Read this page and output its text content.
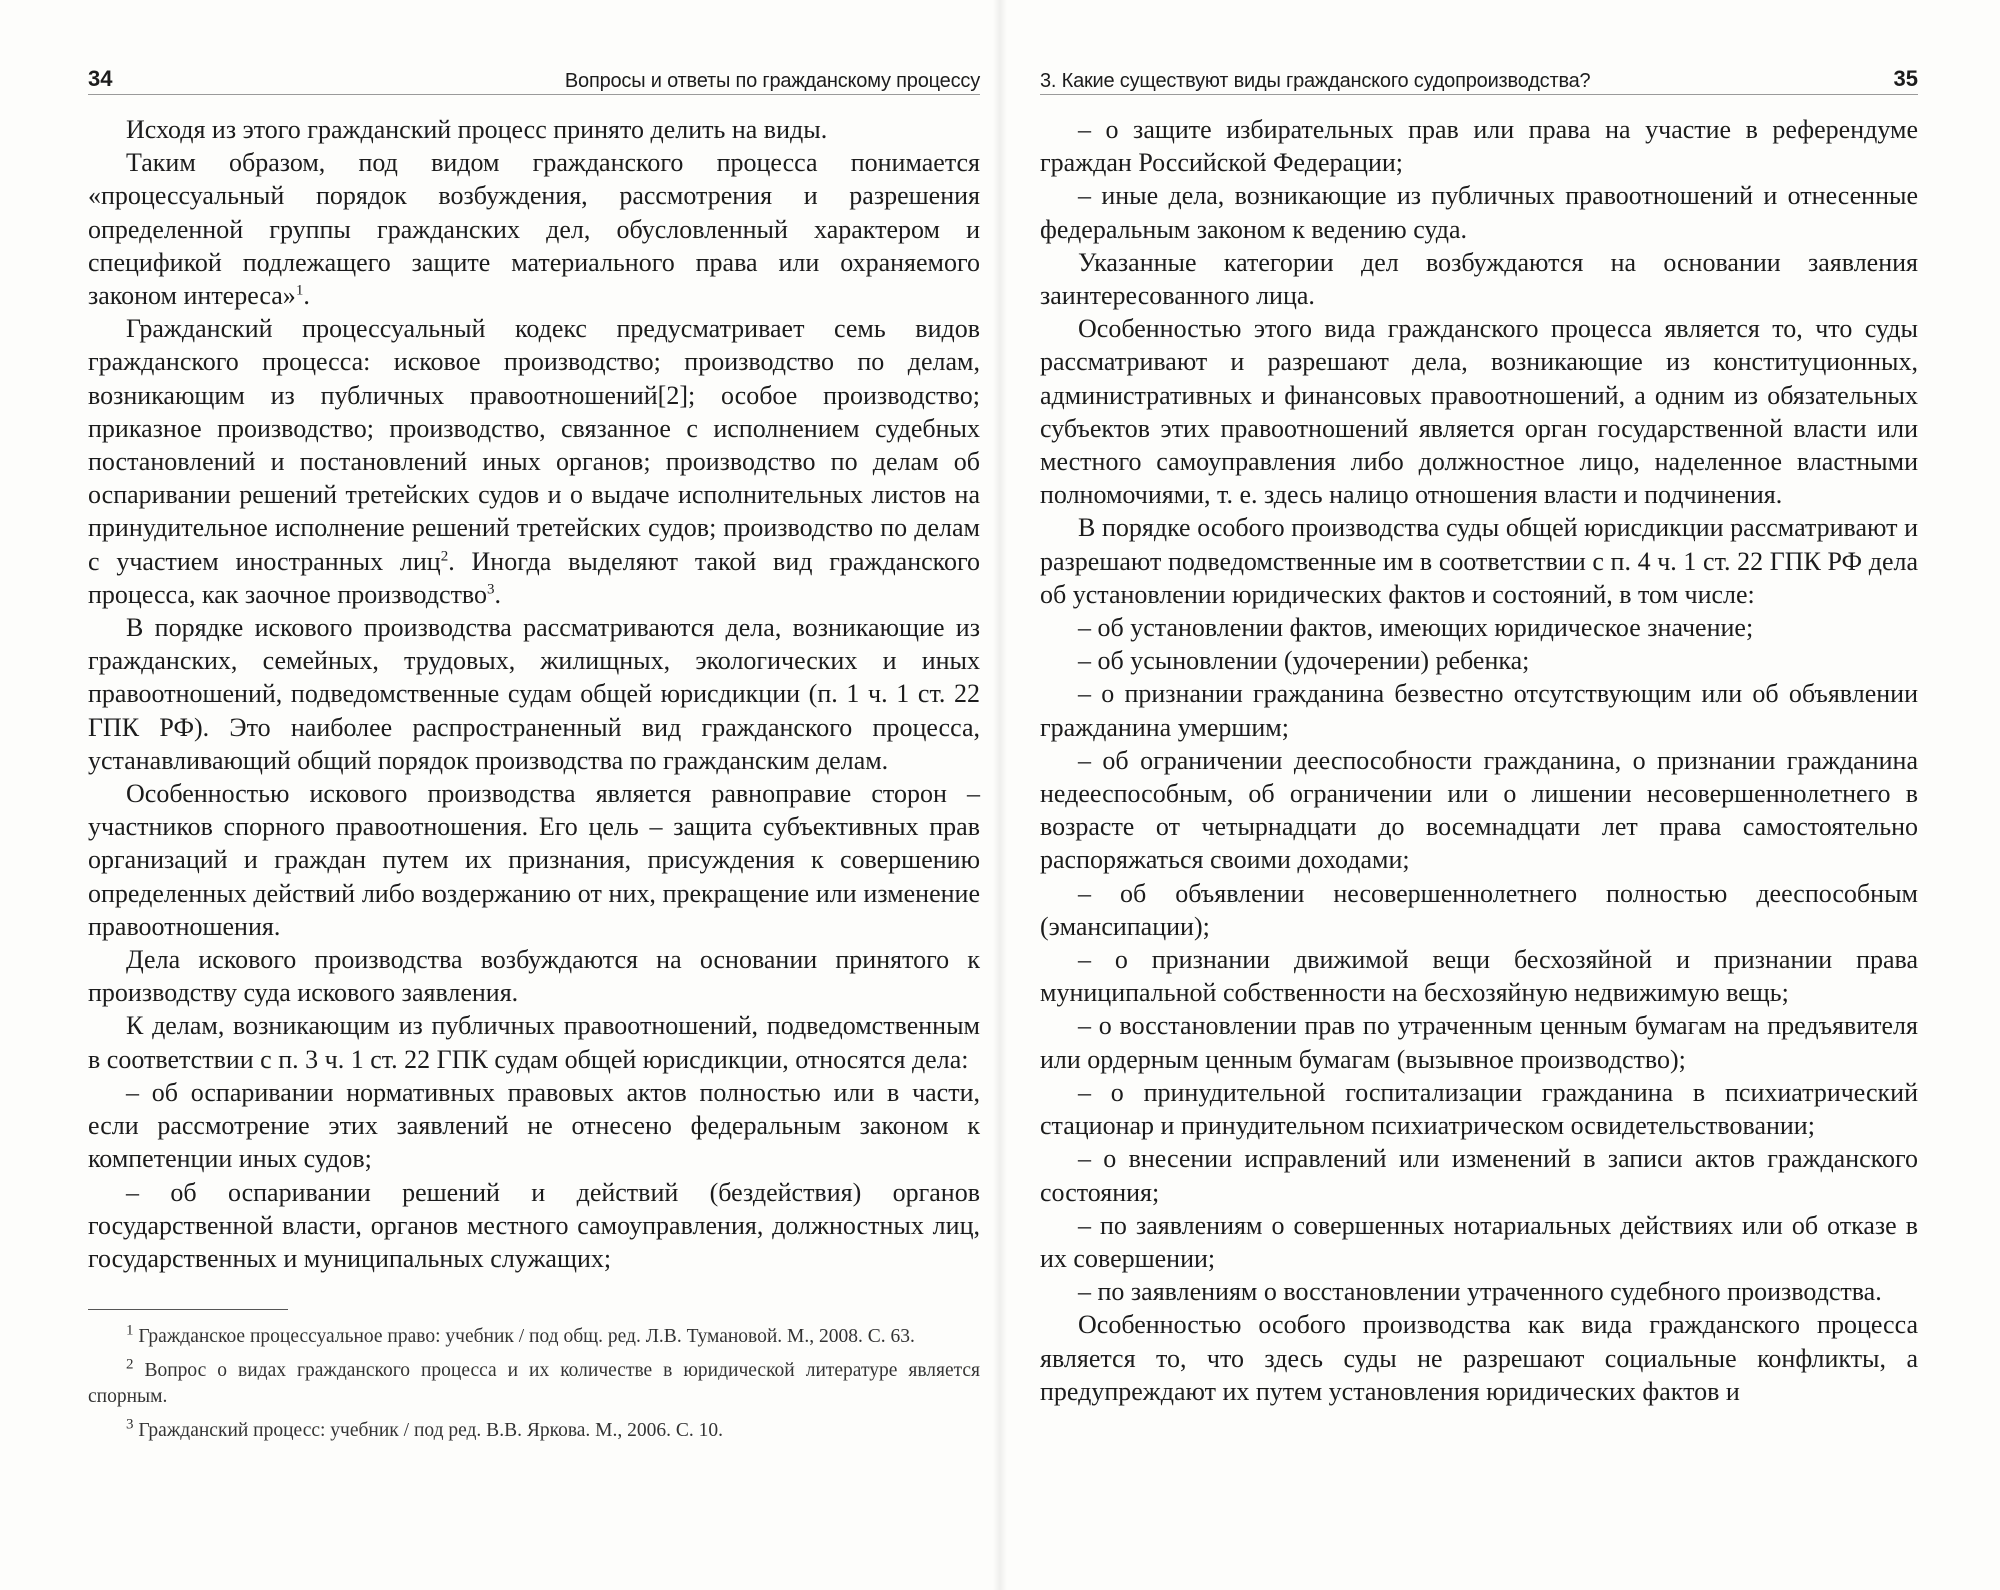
34	Вопросы и ответы по гражданскому процессу

Исходя из этого гражданский процесс принято делить на виды.

Таким образом, под видом гражданского процесса понимается «процессуальный порядок возбуждения, рассмотрения и разрешения определенной группы гражданских дел, обусловленный характером и спецификой подлежащего защите материального права или охраняемого законом интереса»$^1$.

Гражданский процессуальный кодекс предусматривает семь видов гражданского процесса: исковое производство; производство по делам, возникающим из публичных правоотношений[2]; особое производство; приказное производство; производство, связанное с исполнением судебных постановлений и постановлений иных органов; производство по делам об оспаривании решений третейских судов и о выдаче исполнительных листов на принудительное исполнение решений третейских судов; производство по делам с участием иностранных лиц$^2$. Иногда выделяют такой вид гражданского процесса, как заочное производство$^3$.

В порядке искового производства рассматриваются дела, возникающие из гражданских, семейных, трудовых, жилищных, экологических и иных правоотношений, подведомственные судам общей юрисдикции (п. 1 ч. 1 ст. 22 ГПК РФ). Это наиболее распространенный вид гражданского процесса, устанавливающий общий порядок производства по гражданским делам.

Особенностью искового производства является равноправие сторон – участников спорного правоотношения. Его цель – защита субъективных прав организаций и граждан путем их признания, присуждения к совершению определенных действий либо воздержанию от них, прекращение или изменение правоотношения.

Дела искового производства возбуждаются на основании принятого к производству суда искового заявления.

К делам, возникающим из публичных правоотношений, подведомственным в соответствии с п. 3 ч. 1 ст. 22 ГПК судам общей юрисдикции, относятся дела:

– об оспаривании нормативных правовых актов полностью или в части, если рассмотрение этих заявлений не отнесено федеральным законом к компетенции иных судов;

– об оспаривании решений и действий (бездействия) органов государственной власти, органов местного самоуправления, должностных лиц, государственных и муниципальных служащих;

$^1$ Гражданское процессуальное право: учебник / под общ. ред. Л.В. Тумановой. М., 2008. С. 63.

$^2$ Вопрос о видах гражданского процесса и их количестве в юридической литературе является спорным.

$^3$ Гражданский процесс: учебник / под ред. В.В. Яркова. М., 2006. С. 10.

3. Какие существуют виды гражданского судопроизводства?	35

– о защите избирательных прав или права на участие в референдуме граждан Российской Федерации;

– иные дела, возникающие из публичных правоотношений и отнесенные федеральным законом к ведению суда.

Указанные категории дел возбуждаются на основании заявления заинтересованного лица.

Особенностью этого вида гражданского процесса является то, что суды рассматривают и разрешают дела, возникающие из конституционных, административных и финансовых правоотношений, а одним из обязательных субъектов этих правоотношений является орган государственной власти или местного самоуправления либо должностное лицо, наделенное властными полномочиями, т. е. здесь налицо отношения власти и подчинения.

В порядке особого производства суды общей юрисдикции рассматривают и разрешают подведомственные им в соответствии с п. 4 ч. 1 ст. 22 ГПК РФ дела об установлении юридических фактов и состояний, в том числе:

– об установлении фактов, имеющих юридическое значение;

– об усыновлении (удочерении) ребенка;

– о признании гражданина безвестно отсутствующим или об объявлении гражданина умершим;

– об ограничении дееспособности гражданина, о признании гражданина недееспособным, об ограничении или о лишении несовершеннолетнего в возрасте от четырнадцати до восемнадцати лет права самостоятельно распоряжаться своими доходами;

– об объявлении несовершеннолетнего полностью дееспособным (эмансипации);

– о признании движимой вещи бесхозяйной и признании права муниципальной собственности на бесхозяйную недвижимую вещь;

– о восстановлении прав по утраченным ценным бумагам на предъявителя или ордерным ценным бумагам (вызывное производство);

– о принудительной госпитализации гражданина в психиатрический стационар и принудительном психиатрическом освидетельствовании;

– о внесении исправлений или изменений в записи актов гражданского состояния;

– по заявлениям о совершенных нотариальных действиях или об отказе в их совершении;

– по заявлениям о восстановлении утраченного судебного производства.

Особенностью особого производства как вида гражданского процесса является то, что здесь суды не разрешают социальные конфликты, а предупреждают их путем установления юридических фактов и
